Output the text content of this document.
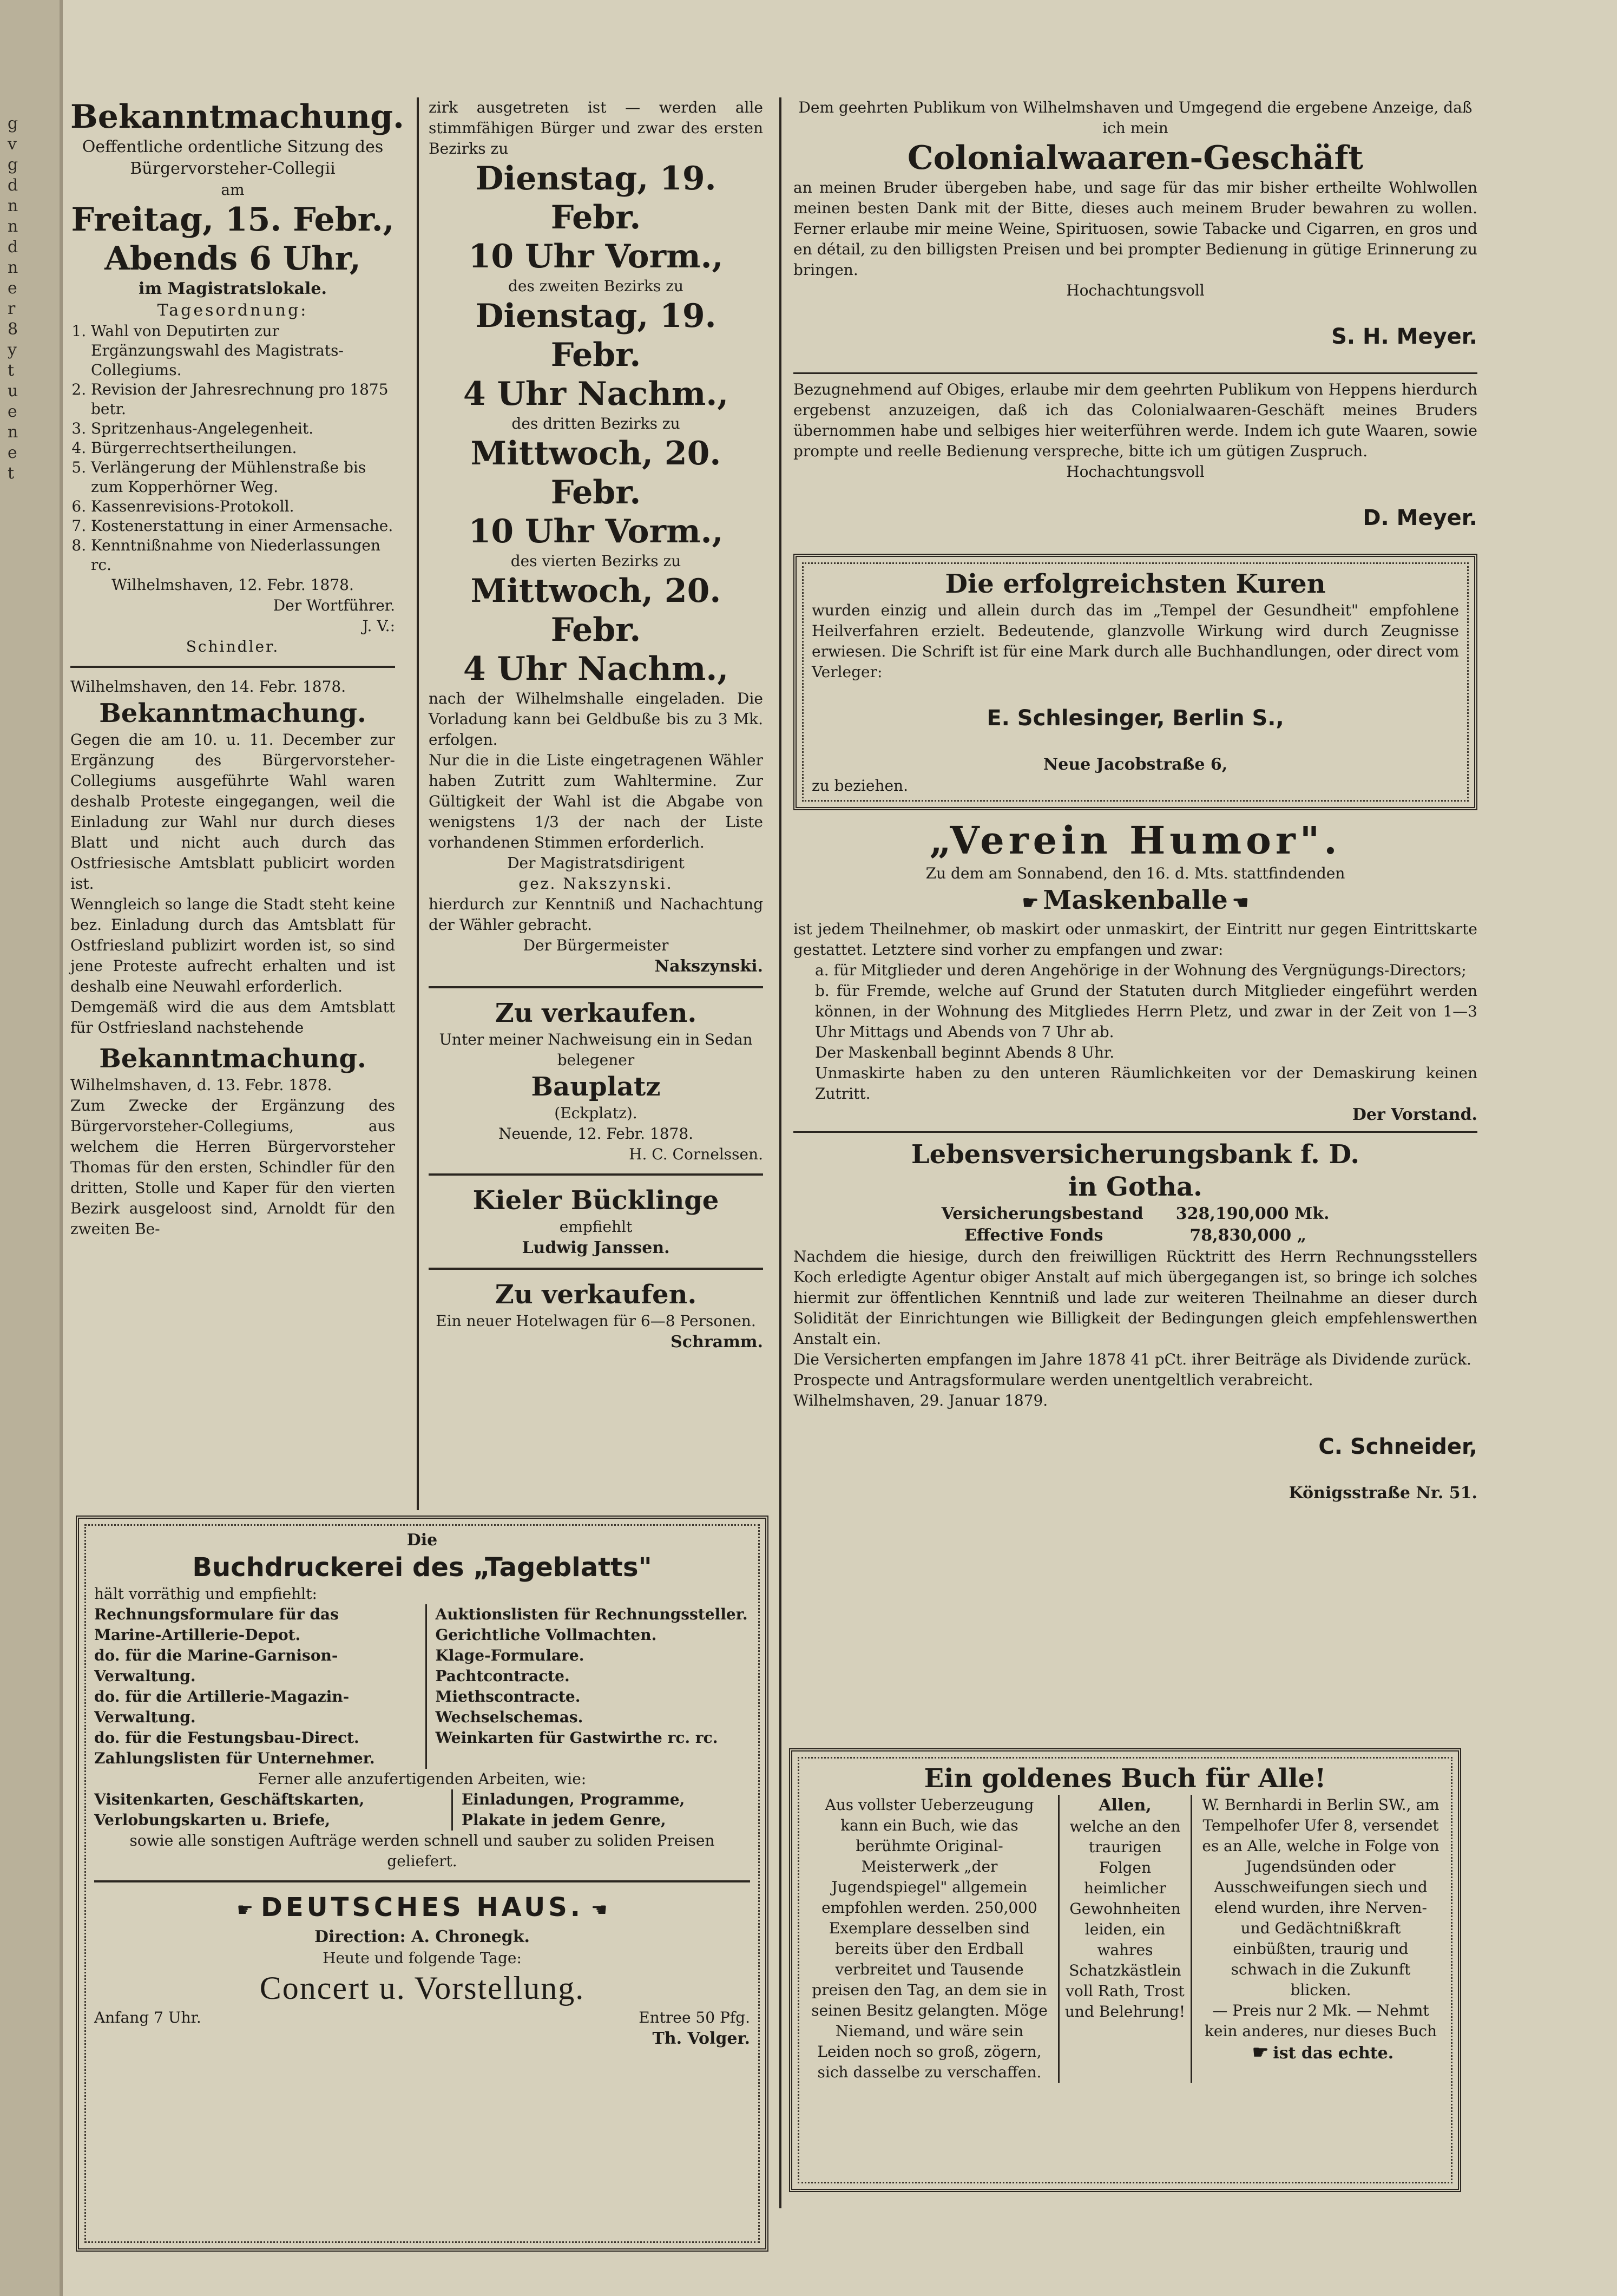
g
v
g
d
n
n
d
n
e
r
8
y
t
u
e
n
e
t

Bekanntmachung.

Oeffentliche ordentliche Sitzung des Bürgervorsteher-Collegii

am

Freitag, 15. Febr.,

Abends 6 Uhr,

im Magistratslokale.

Tagesordnung:

1. Wahl von Deputirten zur Ergänzungswahl des Magistrats-Collegiums.
2. Revision der Jahresrechnung pro 1875 betr.
3. Spritzenhaus-Angelegenheit.
4. Bürgerrechtsertheilungen.
5. Verlängerung der Mühlenstraße bis zum Kopperhörner Weg.
6. Kassenrevisions-Protokoll.
7. Kostenerstattung in einer Armensache.
8. Kenntnißnahme von Niederlassungen rc.

Wilhelmshaven, 12. Febr. 1878.

Der Wortführer.

J. V.:

Schindler.

Wilhelmshaven, den 14. Febr. 1878.

Bekanntmachung.

Gegen die am 10. u. 11. December zur Ergänzung des Bürgervorsteher-Collegiums ausgeführte Wahl waren deshalb Proteste eingegangen, weil die Einladung zur Wahl nur durch dieses Blatt und nicht auch durch das Ostfriesische Amtsblatt publicirt worden ist.

Wenngleich so lange die Stadt steht keine bez. Einladung durch das Amtsblatt für Ostfriesland publizirt worden ist, so sind jene Proteste aufrecht erhalten und ist deshalb eine Neuwahl erforderlich.

Demgemäß wird die aus dem Amtsblatt für Ostfriesland nachstehende

Bekanntmachung.

Wilhelmshaven, d. 13. Febr. 1878.

Zum Zwecke der Ergänzung des Bürgervorsteher-Collegiums, aus welchem die Herren Bürgervorsteher Thomas für den ersten, Schindler für den dritten, Stolle und Kaper für den vierten Bezirk ausgeloost sind, Arnoldt für den zweiten Be-

zirk ausgetreten ist — werden alle stimmfähigen Bürger und zwar des ersten Bezirks zu

Dienstag, 19. Febr.

10 Uhr Vorm.,

des zweiten Bezirks zu

Dienstag, 19. Febr.

4 Uhr Nachm.,

des dritten Bezirks zu

Mittwoch, 20. Febr.

10 Uhr Vorm.,

des vierten Bezirks zu

Mittwoch, 20. Febr.

4 Uhr Nachm.,

nach der Wilhelmshalle eingeladen. Die Vorladung kann bei Geldbuße bis zu 3 Mk. erfolgen.

Nur die in die Liste eingetragenen Wähler haben Zutritt zum Wahltermine. Zur Gültigkeit der Wahl ist die Abgabe von wenigstens 1/3 der nach der Liste vorhandenen Stimmen erforderlich.

Der Magistratsdirigent

gez. Nakszynski.

hierdurch zur Kenntniß und Nachachtung der Wähler gebracht.

Der Bürgermeister

Nakszynski.

Zu verkaufen.

Unter meiner Nachweisung ein in Sedan belegener

Bauplatz

(Eckplatz).

Neuende, 12. Febr. 1878.

H. C. Cornelssen.

Kieler Bücklinge

empfiehlt

Ludwig Janssen.

Zu verkaufen.

Ein neuer Hotelwagen für 6—8 Personen.

Schramm.

Die

Buchdruckerei des „Tageblatts"

hält vorräthig und empfiehlt:

Rechnungsformulare für das Marine-Artillerie-Depot.

do. für die Marine-Garnison-Verwaltung.

do. für die Artillerie-Magazin-Verwaltung.

do. für die Festungsbau-Direct.

Zahlungslisten für Unternehmer.

Auktionslisten für Rechnungssteller.

Gerichtliche Vollmachten.

Klage-Formulare.

Pachtcontracte.

Miethscontracte.

Wechselschemas.

Weinkarten für Gastwirthe rc. rc.

Ferner alle anzufertigenden Arbeiten, wie:

Visitenkarten, Geschäftskarten, Verlobungskarten u. Briefe,

Einladungen, Programme, Plakate in jedem Genre,

sowie alle sonstigen Aufträge werden schnell und sauber zu soliden Preisen geliefert.

☛ DEUTSCHES HAUS. ☛

Direction: A. Chronegk.

Heute und folgende Tage:

Concert u. Vorstellung.

Anfang 7 Uhr.	Entree 50 Pfg.

Th. Volger.

Dem geehrten Publikum von Wilhelmshaven und Umgegend die ergebene Anzeige, daß ich mein

Colonialwaaren-Geschäft

an meinen Bruder übergeben habe, und sage für das mir bisher ertheilte Wohlwollen meinen besten Dank mit der Bitte, dieses auch meinem Bruder bewahren zu wollen. Ferner erlaube mir meine Weine, Spirituosen, sowie Tabacke und Cigarren, en gros und en détail, zu den billigsten Preisen und bei prompter Bedienung in gütige Erinnerung zu bringen.

Hochachtungsvoll

S. H. Meyer.

Bezugnehmend auf Obiges, erlaube mir dem geehrten Publikum von Heppens hierdurch ergebenst anzuzeigen, daß ich das Colonialwaaren-Geschäft meines Bruders übernommen habe und selbiges hier weiterführen werde. Indem ich gute Waaren, sowie prompte und reelle Bedienung verspreche, bitte ich um gütigen Zuspruch.

Hochachtungsvoll

D. Meyer.

Die erfolgreichsten Kuren

wurden einzig und allein durch das im „Tempel der Gesundheit" empfohlene Heilverfahren erzielt. Bedeutende, glanzvolle Wirkung wird durch Zeugnisse erwiesen. Die Schrift ist für eine Mark durch alle Buchhandlungen, oder direct vom Verleger:

E. Schlesinger, Berlin S.,

Neue Jacobstraße 6,

zu beziehen.

„Verein Humor".

Zu dem am Sonnabend, den 16. d. Mts. stattfindenden

☛ Maskenballe ☛

ist jedem Theilnehmer, ob maskirt oder unmaskirt, der Eintritt nur gegen Eintrittskarte gestattet. Letztere sind vorher zu empfangen und zwar:

a. für Mitglieder und deren Angehörige in der Wohnung des Vergnügungs-Directors;

b. für Fremde, welche auf Grund der Statuten durch Mitglieder eingeführt werden können, in der Wohnung des Mitgliedes Herrn Pletz, und zwar in der Zeit von 1—3 Uhr Mittags und Abends von 7 Uhr ab.

Der Maskenball beginnt Abends 8 Uhr.

Unmaskirte haben zu den unteren Räumlichkeiten vor der Demaskirung keinen Zutritt.

Der Vorstand.

Lebensversicherungsbank f. D.

in Gotha.

Versicherungsbestand 328,190,000 Mk.
Effective Fonds	78,830,000 „

Nachdem die hiesige, durch den freiwilligen Rücktritt des Herrn Rechnungsstellers Koch erledigte Agentur obiger Anstalt auf mich übergegangen ist, so bringe ich solches hiermit zur öffentlichen Kenntniß und lade zur weiteren Theilnahme an dieser durch Solidität der Einrichtungen wie Billigkeit der Bedingungen gleich empfehlenswerthen Anstalt ein.

Die Versicherten empfangen im Jahre 1878 41 pCt. ihrer Beiträge als Dividende zurück.

Prospecte und Antragsformulare werden unentgeltlich verabreicht.

Wilhelmshaven, 29. Januar 1879.

C. Schneider,

Königsstraße Nr. 51.

Ein goldenes Buch für Alle!

Aus vollster Ueberzeugung kann ein Buch, wie das berühmte Original-Meisterwerk „der Jugendspiegel" allgemein empfohlen werden. 250,000 Exemplare desselben sind bereits über den Erdball verbreitet und Tausende preisen den Tag, an dem sie in seinen Besitz gelangten. Möge Niemand, und wäre sein Leiden noch so groß, zögern, sich dasselbe zu verschaffen.

Allen,

welche an den traurigen Folgen heimlicher Gewohnheiten leiden, ein wahres Schatzkästlein voll Rath, Trost und Belehrung!

W. Bernhardi in Berlin SW., am Tempelhofer Ufer 8, versendet es an Alle, welche in Folge von Jugendsünden oder Ausschweifungen siech und elend wurden, ihre Nerven- und Gedächtnißkraft einbüßten, traurig und schwach in die Zukunft blicken.

— Preis nur 2 Mk. — Nehmt kein anderes, nur dieses Buch

☛ ist das echte.
